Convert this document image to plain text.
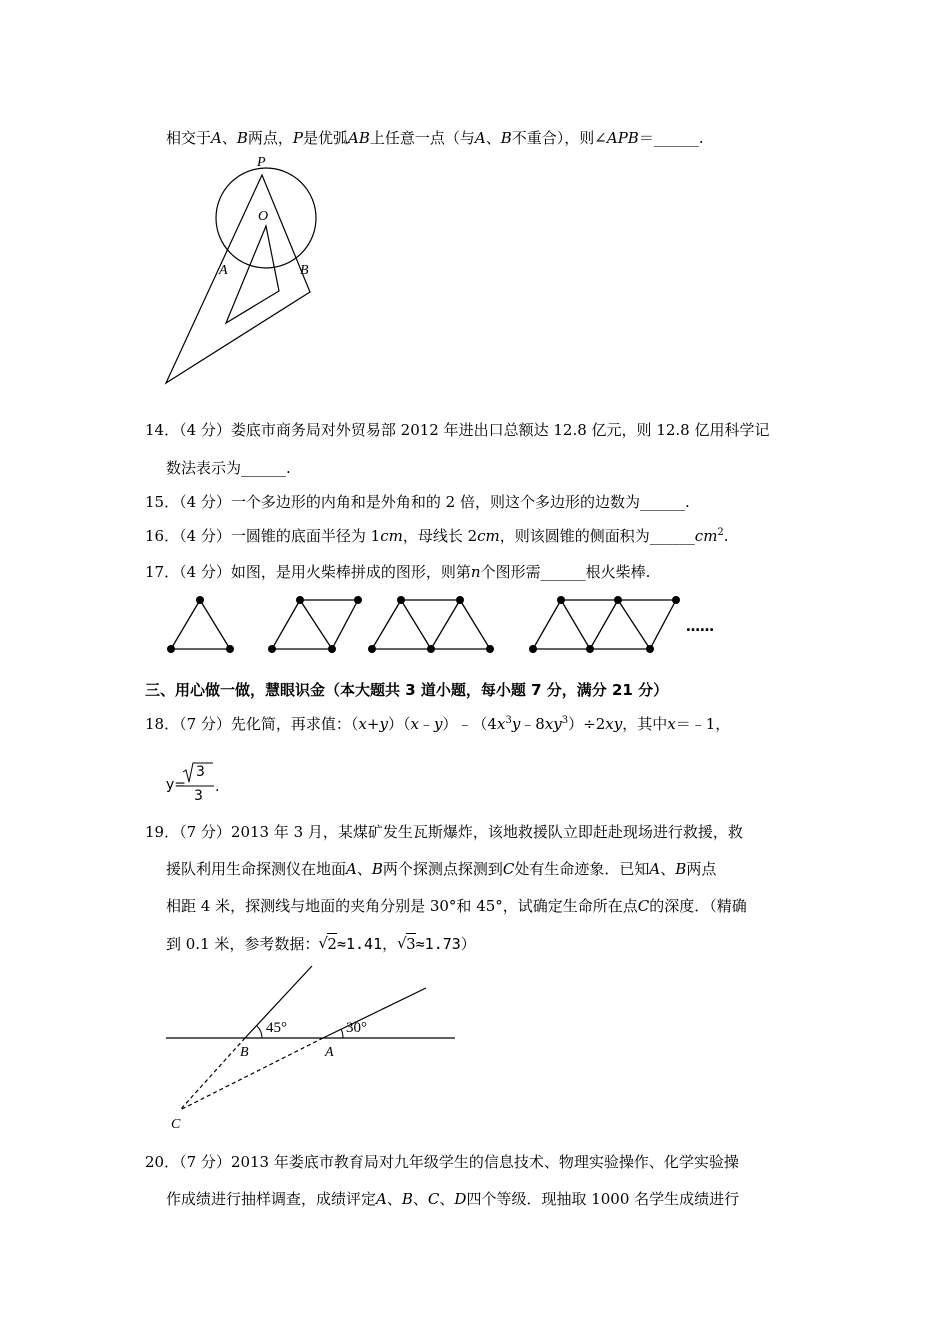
相交于A、B两点，P是优弧AB上任意一点（与A、B不重合），则∠APB＝______.
P
O
A	B
14．（4 分）娄底市商务局对外贸易部 2012 年进出口总额达 12.8 亿元，则 12.8 亿用科学记
数法表示为______.
15．（4 分）一个多边形的内角和是外角和的 2 倍，则这个多边形的边数为______.
16．（4 分）一圆锥的底面半径为 1cm，母线长 2cm，则该圆锥的侧面积为$\_\_\_\_\_\_cm^2$.
17．（4 分）如图，是用火柴棒拼成的图形，则第n个图形需______根火柴棒.
……
三、用心做一做，慧眼识金（本大题共 3 道小题，每小题 7 分，满分 21 分）
18．（7 分）先化简，再求值：$(x+y)(x﹣y)﹣(4x^3y﹣8xy^3)\div 2xy$，其中x＝﹣1，
y=
3
3
.
19．（7 分）2013 年 3 月，某煤矿发生瓦斯爆炸，该地救援队立即赶赴现场进行救援，救
援队利用生命探测仪在地面A、B两个探测点探测到C处有生命迹象．已知A、B两点
相距 4 米，探测线与地面的夹角分别是 30°和 45°，试确定生命所在点C的深度．（精确
到 0.1 米，参考数据： √ 2≈1.41， √ 3≈1.73）
45°	30°
B	A
C
20．（7 分）2013 年娄底市教育局对九年级学生的信息技术、物理实验操作、化学实验操
作成绩进行抽样调查，成绩评定A、B、C、D四个等级．现抽取 1000 名学生成绩进行
